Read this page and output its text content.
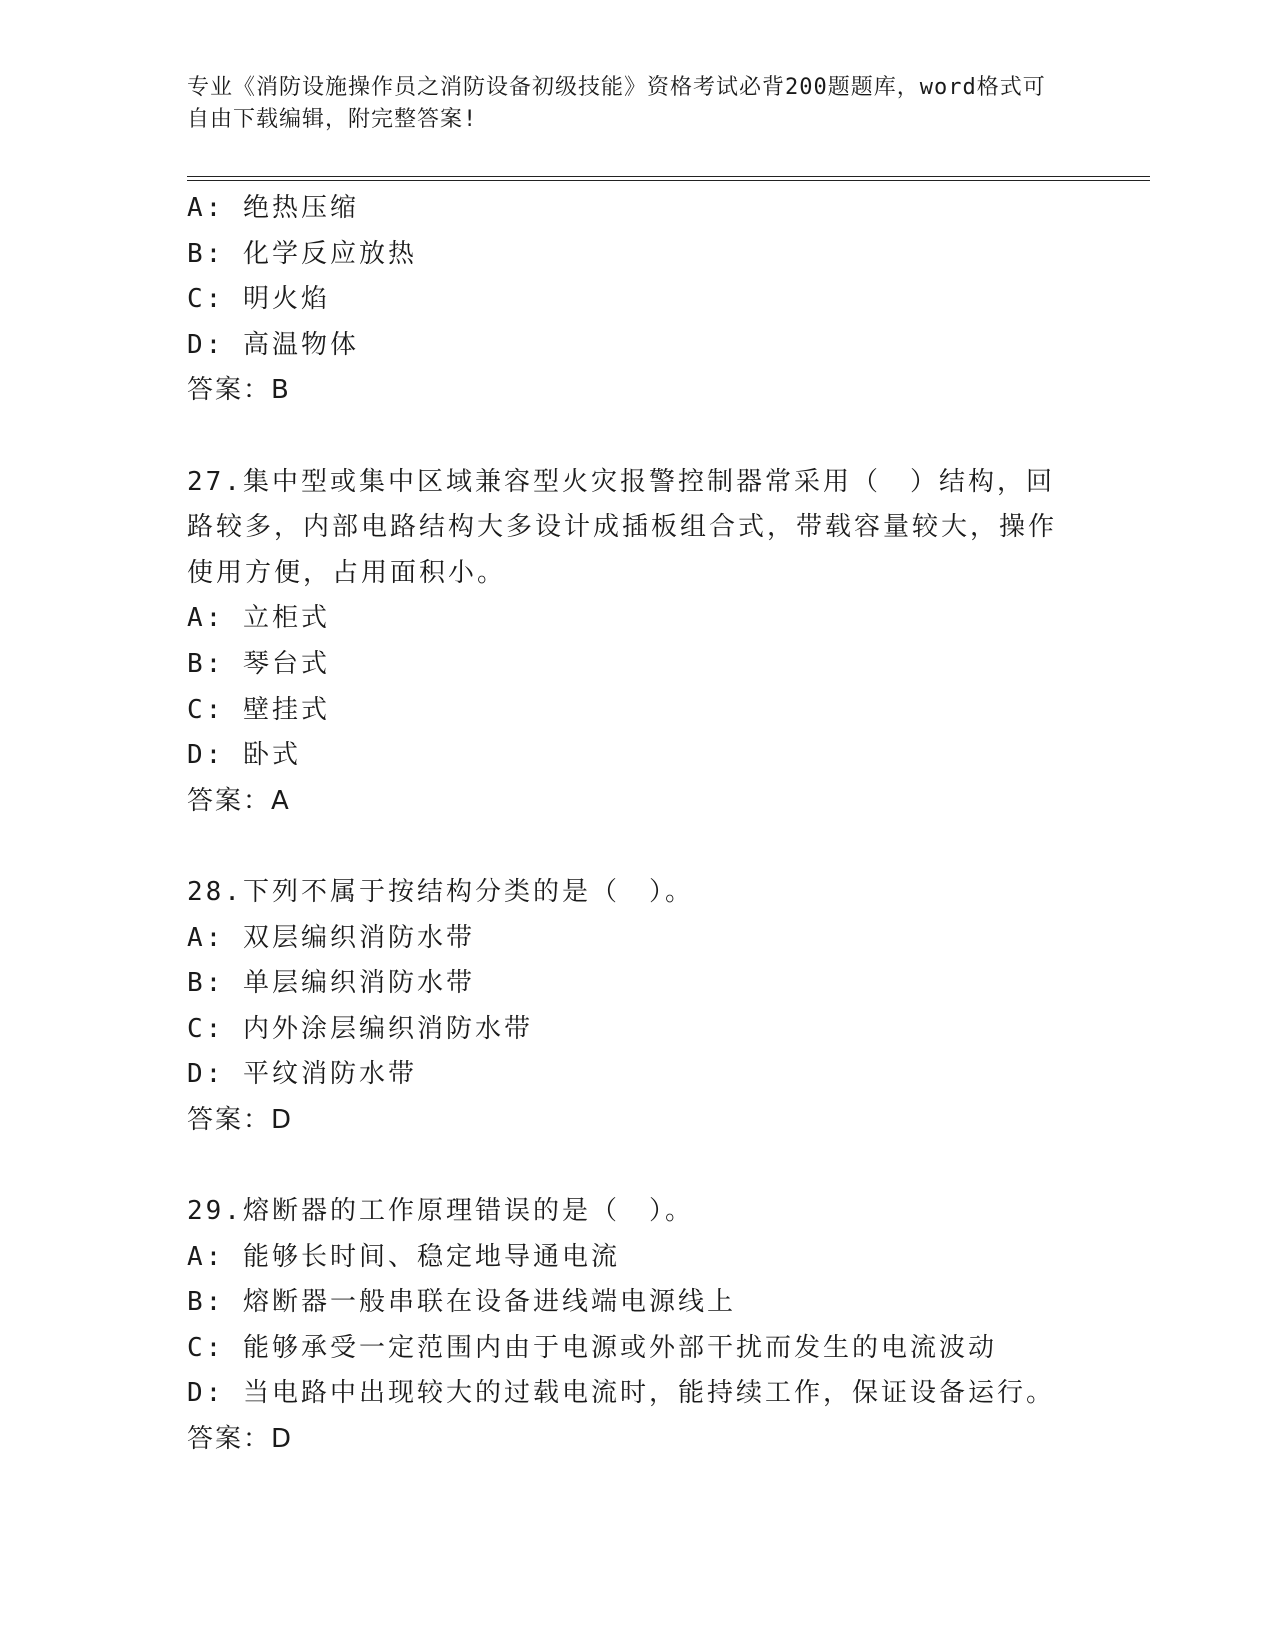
专业《消防设施操作员之消防设备初级技能》资格考试必背200题题库，word格式可自由下载编辑，附完整答案!
A: 绝热压缩
B: 化学反应放热
C: 明火焰
D: 高温物体
答案：B
27.集中型或集中区域兼容型火灾报警控制器常采用（　）结构，回路较多，内部电路结构大多设计成插板组合式，带载容量较大，操作使用方便，占用面积小。
A: 立柜式
B: 琴台式
C: 壁挂式
D: 卧式
答案：A
28.下列不属于按结构分类的是（　）。
A: 双层编织消防水带
B: 单层编织消防水带
C: 内外涂层编织消防水带
D: 平纹消防水带
答案：D
29.熔断器的工作原理错误的是（　）。
A: 能够长时间、稳定地导通电流
B: 熔断器一般串联在设备进线端电源线上
C: 能够承受一定范围内由于电源或外部干扰而发生的电流波动
D: 当电路中出现较大的过载电流时，能持续工作，保证设备运行。
答案：D
